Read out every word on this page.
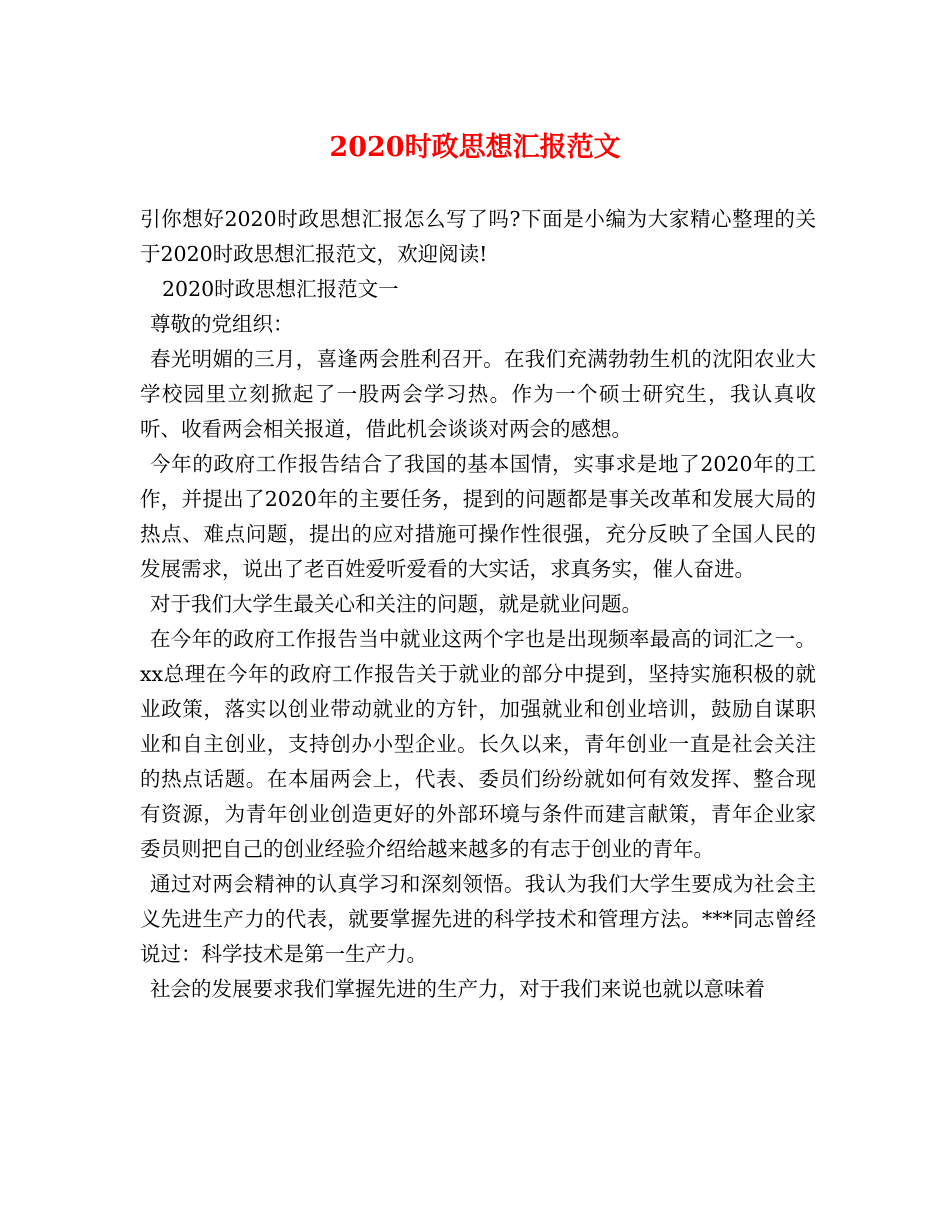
2020时政思想汇报范文

引你想好2020时政思想汇报怎么写了吗?下面是小编为大家精心整理的关于2020时政思想汇报范文，欢迎阅读!

2020时政思想汇报范文一

尊敬的党组织：

春光明媚的三月，喜逢两会胜利召开。在我们充满勃勃生机的沈阳农业大学校园里立刻掀起了一股两会学习热。作为一个硕士研究生，我认真收听、收看两会相关报道，借此机会谈谈对两会的感想。

今年的政府工作报告结合了我国的基本国情，实事求是地了2020年的工作，并提出了2020年的主要任务，提到的问题都是事关改革和发展大局的热点、难点问题，提出的应对措施可操作性很强，充分反映了全国人民的发展需求，说出了老百姓爱听爱看的大实话，求真务实，催人奋进。

对于我们大学生最关心和关注的问题，就是就业问题。

在今年的政府工作报告当中就业这两个字也是出现频率最高的词汇之一。xx总理在今年的政府工作报告关于就业的部分中提到，坚持实施积极的就业政策，落实以创业带动就业的方针，加强就业和创业培训，鼓励自谋职业和自主创业，支持创办小型企业。长久以来，青年创业一直是社会关注的热点话题。在本届两会上，代表、委员们纷纷就如何有效发挥、整合现有资源，为青年创业创造更好的外部环境与条件而建言献策，青年企业家委员则把自己的创业经验介绍给越来越多的有志于创业的青年。

通过对两会精神的认真学习和深刻领悟。我认为我们大学生要成为社会主义先进生产力的代表，就要掌握先进的科学技术和管理方法。***同志曾经说过：科学技术是第一生产力。

社会的发展要求我们掌握先进的生产力，对于我们来说也就以意味着
